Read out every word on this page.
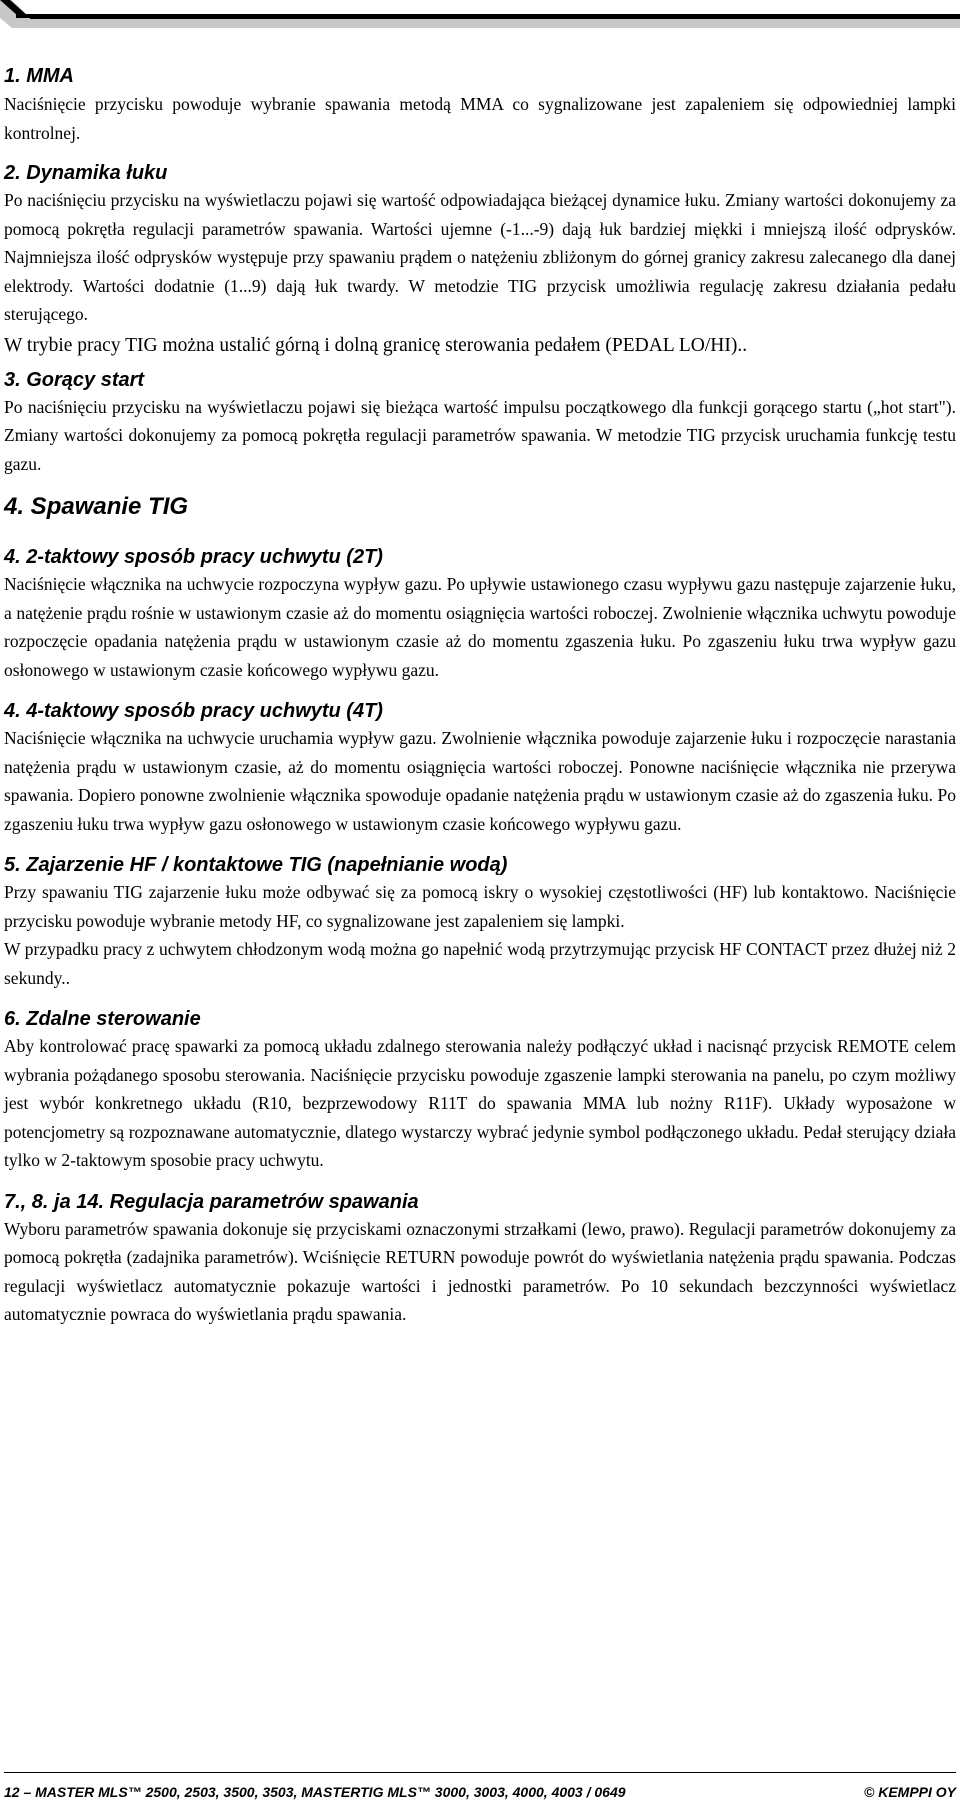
1. MMA

Naciśnięcie przycisku powoduje wybranie spawania metodą MMA co sygnalizowane jest zapaleniem się odpowiedniej lampki kontrolnej.

2. Dynamika łuku

Po naciśnięciu przycisku na wyświetlaczu pojawi się wartość odpowiadająca bieżącej dynamice łuku. Zmiany wartości dokonujemy za pomocą pokrętła regulacji parametrów spawania. Wartości ujemne (-1...-9) dają łuk bardziej miękki i mniejszą ilość odprysków. Najmniejsza ilość odprysków występuje przy spawaniu prądem o natężeniu zbliżonym do górnej granicy zakresu zalecanego dla danej elektrody. Wartości dodatnie (1...9) dają łuk twardy. W metodzie TIG przycisk umożliwia regulację zakresu działania pedału sterującego.

W trybie pracy TIG można ustalić górną i dolną granicę sterowania pedałem (PEDAL LO/HI)..

3. Gorący start

Po naciśnięciu przycisku na wyświetlaczu pojawi się bieżąca wartość impulsu początkowego dla funkcji gorącego startu („hot start"). Zmiany wartości dokonujemy za pomocą pokrętła regulacji parametrów spawania. W metodzie TIG przycisk uruchamia funkcję testu gazu.

4. Spawanie TIG
4. 2-taktowy sposób pracy uchwytu (2T)

Naciśnięcie włącznika na uchwycie rozpoczyna wypływ gazu. Po upływie ustawionego czasu wypływu gazu następuje zajarzenie łuku, a natężenie prądu rośnie w ustawionym czasie aż do momentu osiągnięcia wartości roboczej. Zwolnienie włącznika uchwytu powoduje rozpoczęcie opadania natężenia prądu w ustawionym czasie aż do momentu zgaszenia łuku. Po zgaszeniu łuku trwa wypływ gazu osłonowego w ustawionym czasie końcowego wypływu gazu.

4. 4-taktowy sposób pracy uchwytu (4T)

Naciśnięcie włącznika na uchwycie uruchamia wypływ gazu. Zwolnienie włącznika powoduje zajarzenie łuku i rozpoczęcie narastania natężenia prądu w ustawionym czasie, aż do momentu osiągnięcia wartości roboczej. Ponowne naciśnięcie włącznika nie przerywa spawania. Dopiero ponowne zwolnienie włącznika spowoduje opadanie natężenia prądu w ustawionym czasie aż do zgaszenia łuku. Po zgaszeniu łuku trwa wypływ gazu osłonowego w ustawionym czasie końcowego wypływu gazu.

5. Zajarzenie HF / kontaktowe TIG (napełnianie wodą)

Przy spawaniu TIG zajarzenie łuku może odbywać się za pomocą iskry o wysokiej częstotliwości (HF) lub kontaktowo. Naciśnięcie przycisku powoduje wybranie metody HF, co sygnalizowane jest zapaleniem się lampki.

W przypadku pracy z uchwytem chłodzonym wodą można go napełnić wodą przytrzymując przycisk HF CONTACT przez dłużej niż 2 sekundy..

6. Zdalne sterowanie

Aby kontrolować pracę spawarki za pomocą układu zdalnego sterowania należy podłączyć układ i nacisnąć przycisk REMOTE celem wybrania pożądanego sposobu sterowania. Naciśnięcie przycisku powoduje zgaszenie lampki sterowania na panelu, po czym możliwy jest wybór konkretnego układu (R10, bezprzewodowy R11T do spawania MMA lub nożny R11F). Układy wyposażone w potencjometry są rozpoznawane automatycznie, dlatego wystarczy wybrać jedynie symbol podłączonego układu. Pedał sterujący działa tylko w 2-taktowym sposobie pracy uchwytu.

7., 8. ja 14. Regulacja parametrów spawania

Wyboru parametrów spawania dokonuje się przyciskami oznaczonymi strzałkami (lewo, prawo). Regulacji parametrów dokonujemy za pomocą pokrętła (zadajnika parametrów). Wciśnięcie RETURN powoduje powrót do wyświetlania natężenia prądu spawania. Podczas regulacji wyświetlacz automatycznie pokazuje wartości i jednostki parametrów. Po 10 sekundach bezczynności wyświetlacz automatycznie powraca do wyświetlania prądu spawania.

12 – MASTER MLS™ 2500, 2503, 3500, 3503, MASTERTIG MLS™ 3000, 3003, 4000, 4003 / 0649	© KEMPPI OY
